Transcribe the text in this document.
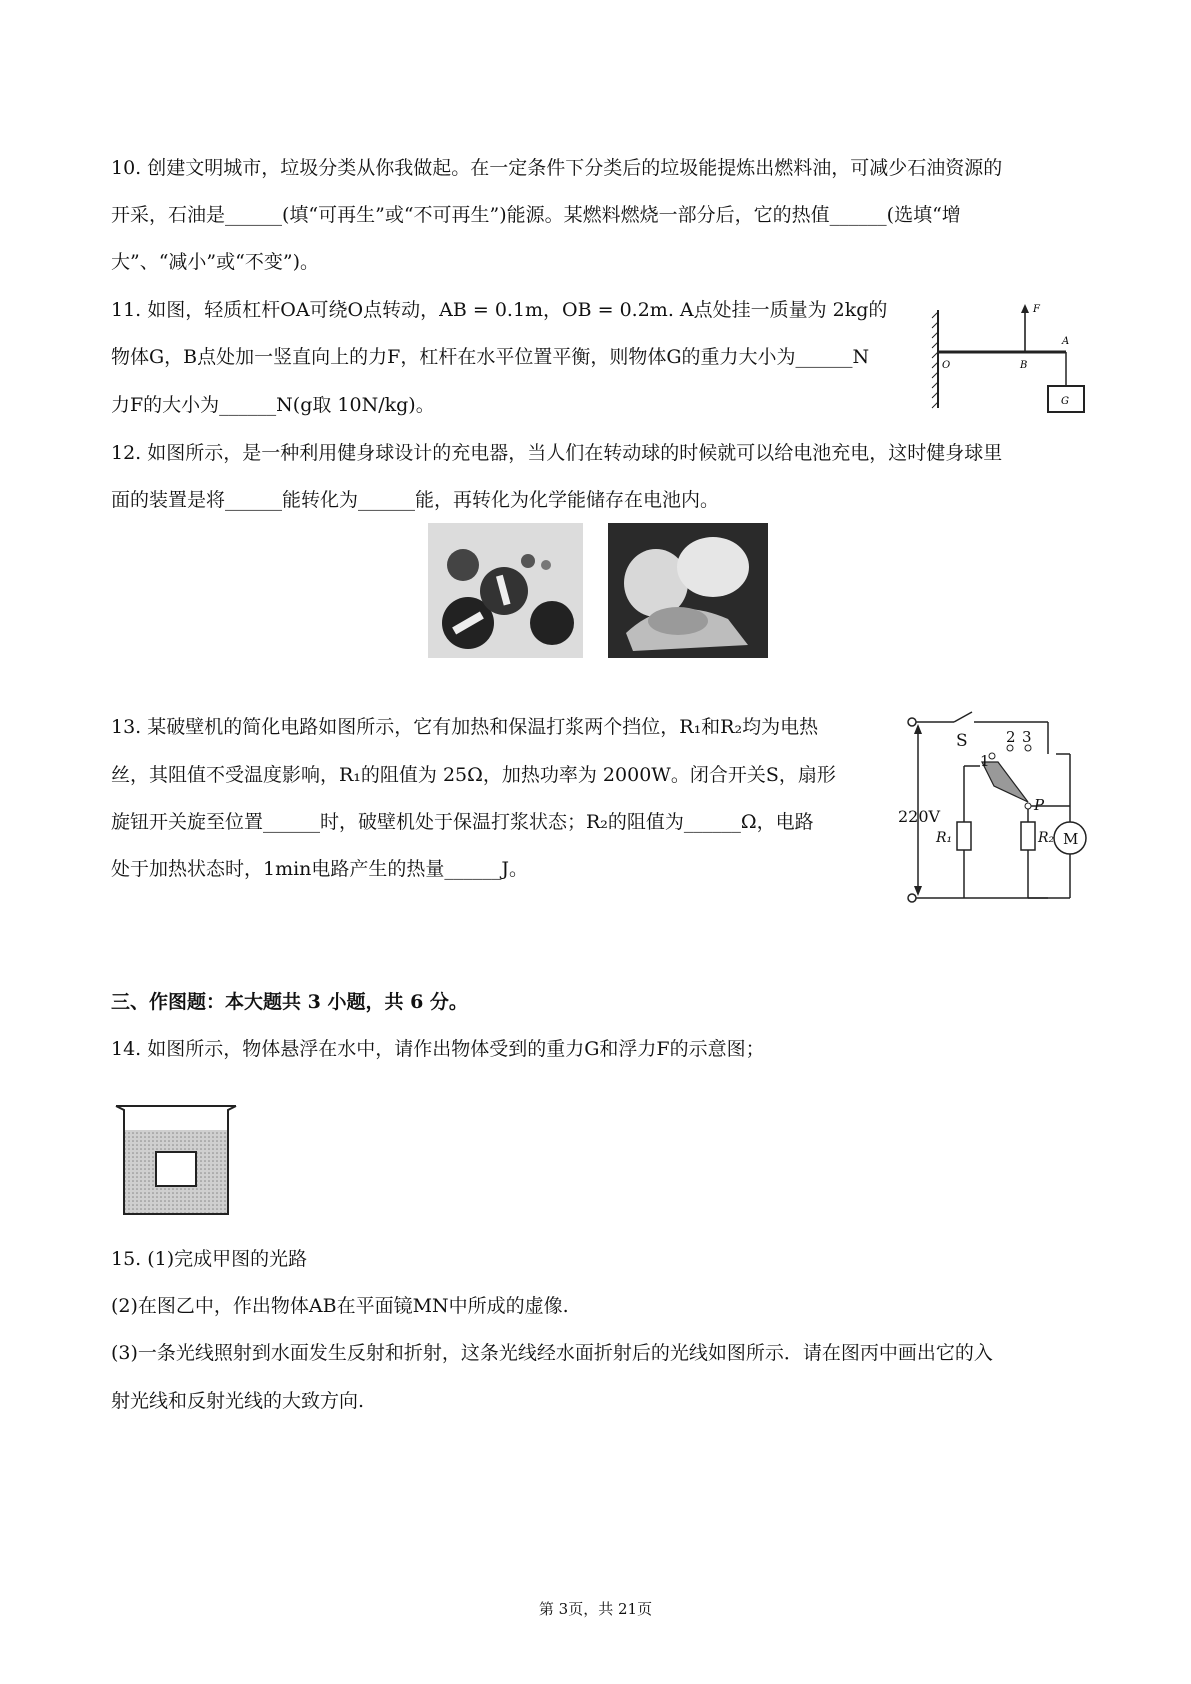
10. 创建文明城市，垃圾分类从你我做起。在一定条件下分类后的垃圾能提炼出燃料油，可减少石油资源的
开采，石油是______(填“可再生”或“不可再生”)能源。某燃料燃烧一部分后，它的热值______(选填“增
大”、“减小”或“不变”)。
11. 如图，轻质杠杆OA可绕O点转动，AB = 0.1m，OB = 0.2m. A点处挂一质量为 2kg的
物体G，B点处加一竖直向上的力F，杠杆在水平位置平衡，则物体G的重力大小为______N
力F的大小为______N(g取 10N/kg)。
F
A
O	B
G
12. 如图所示，是一种利用健身球设计的充电器，当人们在转动球的时候就可以给电池充电，这时健身球里
面的装置是将______能转化为______能，再转化为化学能储存在电池内。
13. 某破壁机的简化电路如图所示，它有加热和保温打浆两个挡位，R₁和R₂均为电热
丝，其阻值不受温度影响，R₁的阻值为 25Ω，加热功率为 2000W。闭合开关S，扇形
旋钮开关旋至位置______时，破壁机处于保温打浆状态；R₂的阻值为______Ω，电路
处于加热状态时，1min电路产生的热量______J。
S
1
2 3
P
220V
R₁	R₂ M
三、作图题：本大题共 3 小题，共 6 分。
14. 如图所示，物体悬浮在水中，请作出物体受到的重力G和浮力F的示意图；
15. (1)完成甲图的光路
(2)在图乙中，作出物体AB在平面镜MN中所成的虚像.
(3)一条光线照射到水面发生反射和折射，这条光线经水面折射后的光线如图所示．请在图丙中画出它的入
射光线和反射光线的大致方向.
第 3页，共 21页
